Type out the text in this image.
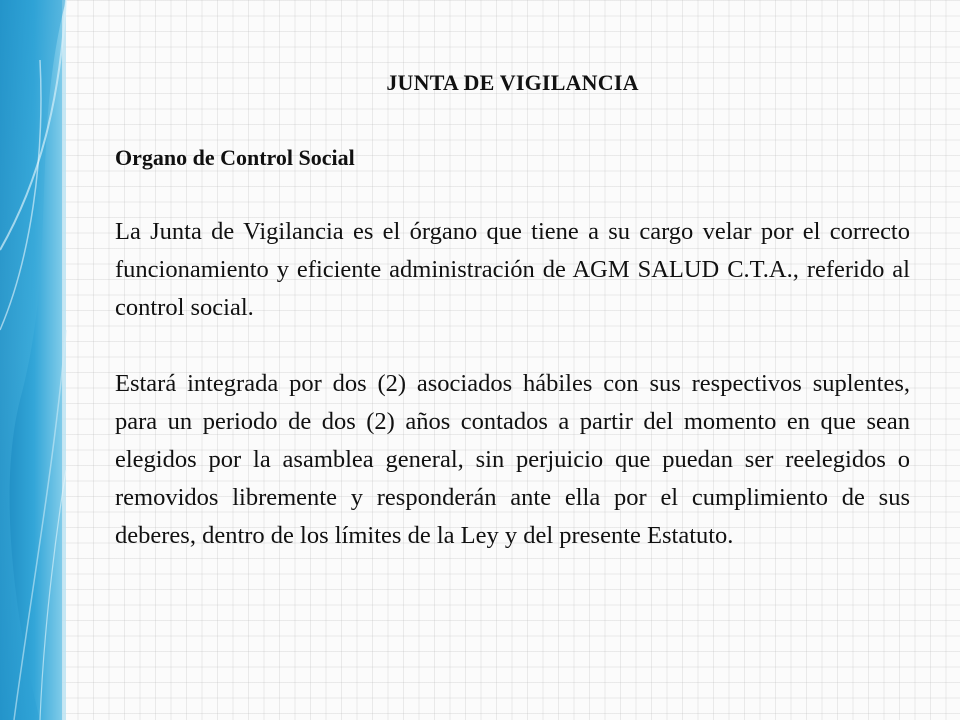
JUNTA DE VIGILANCIA
Organo de Control Social

La Junta de Vigilancia es el órgano que tiene a su cargo velar por el correcto funcionamiento y eficiente administración de AGM SALUD C.T.A., referido al control social.

Estará integrada por dos (2) asociados hábiles con sus respectivos suplentes, para un periodo de dos (2) años contados a partir del momento en que sean elegidos por la asamblea general, sin perjuicio que puedan ser reelegidos o removidos libremente y responderán ante ella por el cumplimiento de sus deberes, dentro de los límites de la Ley y del presente Estatuto.
